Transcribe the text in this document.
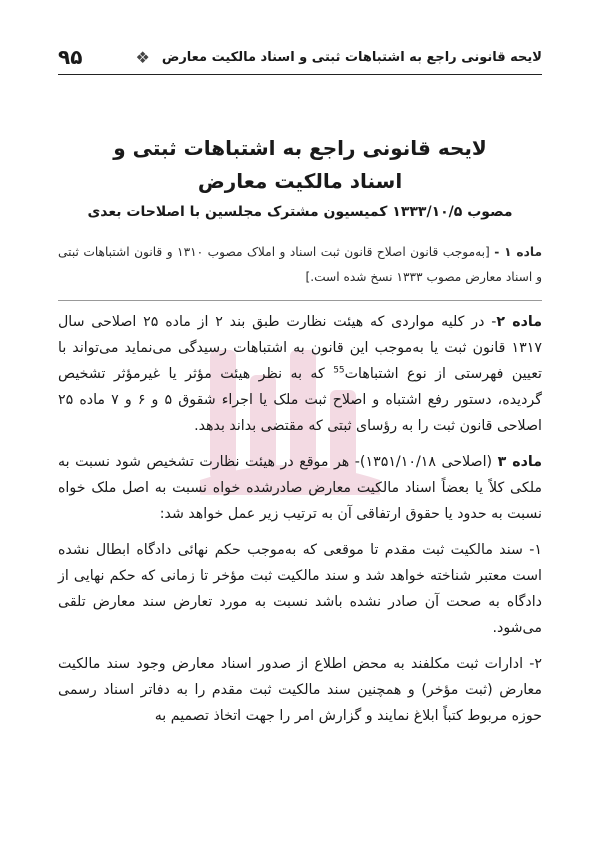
لایحه قانونی راجع به اشتباهات ثبتی و اسناد مالکیت معارض
❖
۹۵
لایحه قانونی راجع به اشتباهات ثبتی و
اسناد مالکیت معارض
مصوب ۱۳۳۳/۱۰/۵ کمیسیون مشترک مجلسین با اصلاحات بعدی

ماده ۱ - [به‌موجب قانون اصلاح قانون ثبت اسناد و املاک مصوب ۱۳۱۰ و قانون اشتباهات ثبتی و اسناد معارض مصوب ۱۳۳۳ نسخ شده است.]

ماده ۲- در کلیه مواردی که هیئت نظارت طبق بند ۲ از ماده ۲۵ اصلاحی سال ۱۳۱۷ قانون ثبت یا به‌موجب این قانون به اشتباهات رسیدگی می‌نماید می‌تواند با تعیین فهرستی از نوع اشتباهات$^{55}$ که به نظر هیئت مؤثر یا غیرمؤثر تشخیص گردیده، دستور رفع اشتباه و اصلاح ثبت ملک یا اجراء شقوق ۵ و ۶ و ۷ ماده ۲۵ اصلاحی قانون ثبت را به رؤسای ثبتی که مقتضی بداند بدهد.

ماده ۳ (اصلاحی ۱۳۵۱/۱۰/۱۸)- هر موقع در هیئت نظارت تشخیص شود نسبت به ملکی کلاً یا بعضاً اسناد مالکیت معارض صادرشده خواه نسبت به اصل ملک خواه نسبت به حدود یا حقوق ارتفاقی آن به ترتیب زیر عمل خواهد شد:

۱- سند مالکیت ثبت مقدم تا موقعی که به‌موجب حکم نهائی دادگاه ابطال نشده است معتبر شناخته خواهد شد و سند مالکیت ثبت مؤخر تا زمانی که حکم نهایی از دادگاه به صحت آن صادر نشده باشد نسبت به مورد تعارض سند معارض تلقی می‌شود.

۲- ادارات ثبت مکلفند به محض اطلاع از صدور اسناد معارض وجود سند مالکیت معارض (ثبت مؤخر) و همچنین سند مالکیت ثبت مقدم را به دفاتر اسناد رسمی حوزه مربوط کتباً ابلاغ نمایند و گزارش امر را جهت اتخاذ تصمیم به
